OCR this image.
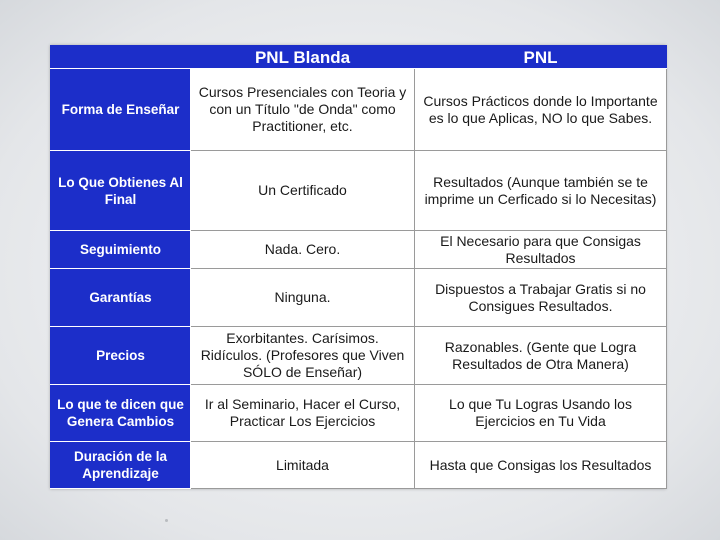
	PNL Blanda	PNL
Forma de Enseñar	Cursos Presenciales con Teoria y con un Título "de Onda" como Practitioner, etc.	Cursos Prácticos donde lo Importante es lo que Aplicas, NO lo que Sabes.
Lo Que Obtienes Al Final	Un Certificado	Resultados (Aunque también se te imprime un Cerficado si lo Necesitas)
Seguimiento	Nada. Cero.	El Necesario para que Consigas Resultados
Garantías	Ninguna.	Dispuestos a Trabajar Gratis si no Consigues Resultados.
Precios	Exorbitantes. Carísimos. Ridículos. (Profesores que Viven SÓLO de Enseñar)	Razonables. (Gente que Logra Resultados de Otra Manera)
Lo que te dicen que Genera Cambios	Ir al Seminario, Hacer el Curso, Practicar Los Ejercicios	Lo que Tu Logras Usando los Ejercicios en Tu Vida
Duración de la Aprendizaje	Limitada	Hasta que Consigas los Resultados
